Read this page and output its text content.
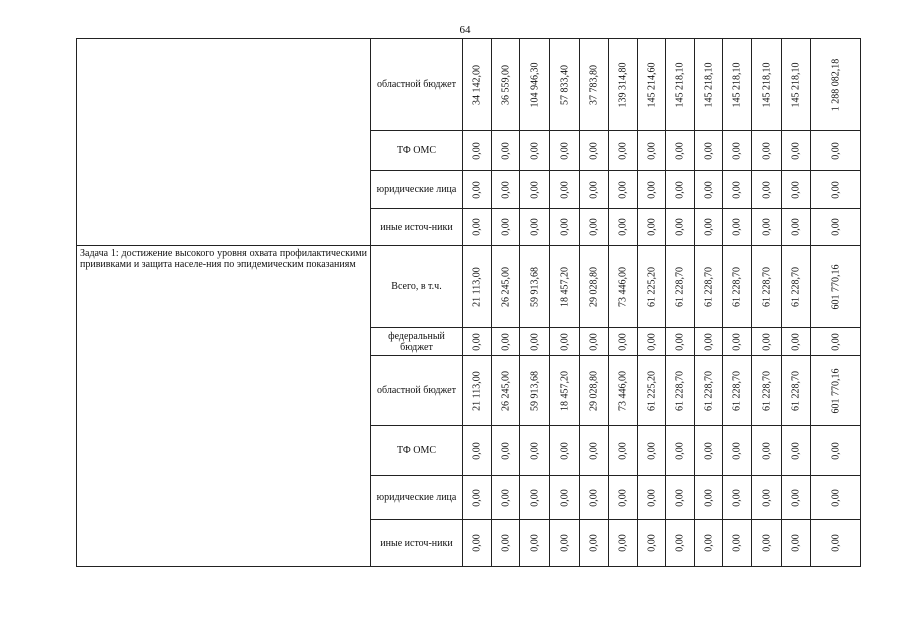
64
	областной бюджет	34 142,00	36 559,00	104 946,30	57 833,40	37 783,80	139 314,80	145 214,60	145 218,10	145 218,10	145 218,10	145 218,10	145 218,10	1 288 082,18

	ТФ ОМС	0,00	0,00	0,00	0,00	0,00	0,00	0,00	0,00	0,00	0,00	0,00	0,00	0,00

	юридические лица	0,00	0,00	0,00	0,00	0,00	0,00	0,00	0,00	0,00	0,00	0,00	0,00	0,00

	иные источ-ники	0,00	0,00	0,00	0,00	0,00	0,00	0,00	0,00	0,00	0,00	0,00	0,00	0,00

Задача 1: достижение высокого уровня охвата профилактическими прививками и защита населе-ния по эпидемическим показаниям	Всего, в т.ч.	21 113,00	26 245,00	59 913,68	18 457,20	29 028,80	73 446,00	61 225,20	61 228,70	61 228,70	61 228,70	61 228,70	61 228,70	601 770,16

	федеральный бюджет	0,00	0,00	0,00	0,00	0,00	0,00	0,00	0,00	0,00	0,00	0,00	0,00	0,00

	областной бюджет	21 113,00	26 245,00	59 913,68	18 457,20	29 028,80	73 446,00	61 225,20	61 228,70	61 228,70	61 228,70	61 228,70	61 228,70	601 770,16

	ТФ ОМС	0,00	0,00	0,00	0,00	0,00	0,00	0,00	0,00	0,00	0,00	0,00	0,00	0,00

	юридические лица	0,00	0,00	0,00	0,00	0,00	0,00	0,00	0,00	0,00	0,00	0,00	0,00	0,00

	иные источ-ники	0,00	0,00	0,00	0,00	0,00	0,00	0,00	0,00	0,00	0,00	0,00	0,00	0,00
